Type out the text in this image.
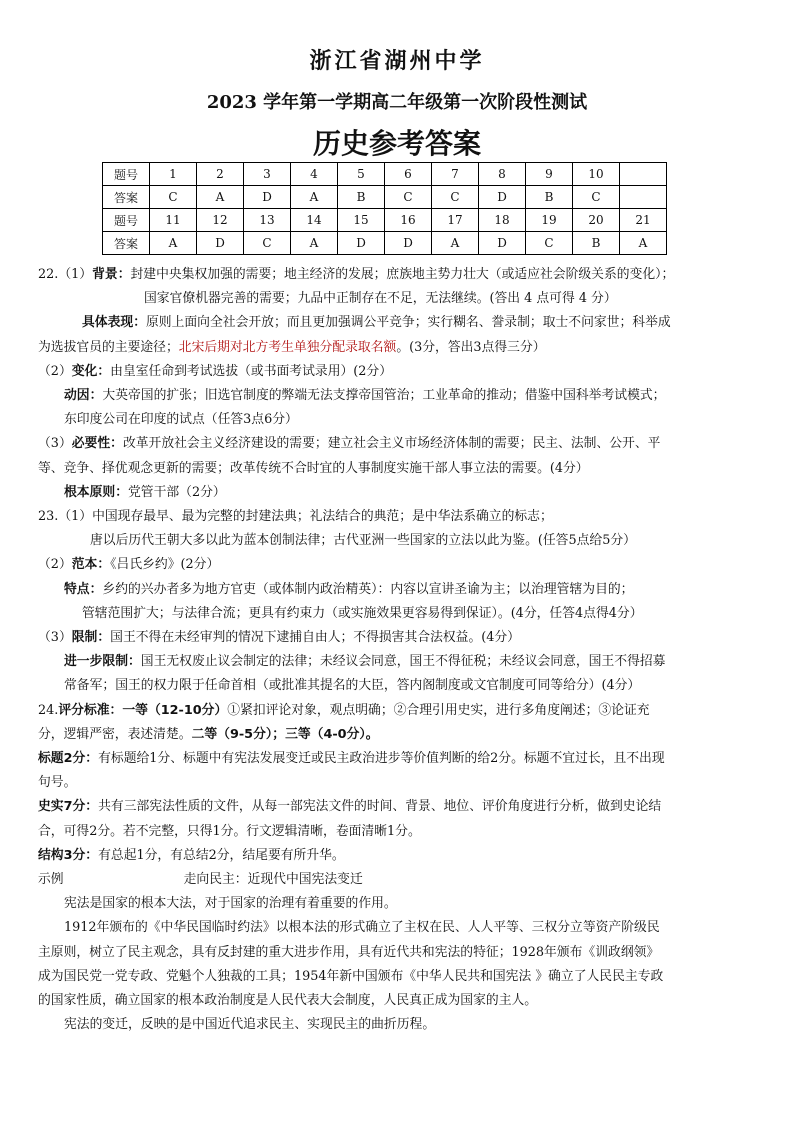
浙江省湖州中学
2023 学年第一学期高二年级第一次阶段性测试
历史参考答案
题号	1	2	3	4	5	6	7	8	9	10	
答案	C	A	D	A	B	C	C	D	B	C	
题号	11	12	13	14	15	16	17	18	19	20	21
答案	A	D	C	A	D	D	A	D	C	B	A
22.（1）背景：封建中央集权加强的需要；地主经济的发展；庶族地主势力壮大（或适应社会阶级关系的变化）；
国家官僚机器完善的需要；九品中正制存在不足，无法继续。(答出 4 点可得 4 分）
具体表现：原则上面向全社会开放；而且更加强调公平竞争；实行糊名、誊录制；取士不问家世；科举成
为选拔官员的主要途径；北宋后期对北方考生单独分配录取名额。(3分，答出3点得三分）
（2）变化：由皇室任命到考试选拔（或书面考试录用）(2分）
动因：大英帝国的扩张；旧选官制度的弊端无法支撑帝国管治；工业革命的推动；借鉴中国科举考试模式；
东印度公司在印度的试点（任答3点6分）
（3）必要性：改革开放社会主义经济建设的需要；建立社会主义市场经济体制的需要；民主、法制、公开、平
等、竞争、择优观念更新的需要；改革传统不合时宜的人事制度实施干部人事立法的需要。(4分）
根本原则：党管干部（2分）
23.（1）中国现存最早、最为完整的封建法典；礼法结合的典范；是中华法系确立的标志；
唐以后历代王朝大多以此为蓝本创制法律；古代亚洲一些国家的立法以此为鉴。(任答5点给5分）
（2）范本：《吕氏乡约》(2分）
特点：乡约的兴办者多为地方官吏（或体制内政治精英）：内容以宣讲圣谕为主；以治理管辖为目的；
管辖范围扩大；与法律合流；更具有约束力（或实施效果更容易得到保证）。(4分，任答4点得4分）
（3）限制：国王不得在未经审判的情况下逮捕自由人；不得损害其合法权益。(4分）
进一步限制：国王无权废止议会制定的法律；未经议会同意，国王不得征税；未经议会同意，国王不得招募
常备军；国王的权力限于任命首相（或批准其提名的大臣，答内阁制度或文官制度可同等给分）(4分）
24.评分标准：一等（12-10分）①紧扣评论对象，观点明确；②合理引用史实，进行多角度阐述；③论证充
分，逻辑严密，表述清楚。二等（9-5分）；三等（4-0分）。
标题2分：有标题给1分、标题中有宪法发展变迁或民主政治进步等价值判断的给2分。标题不宜过长，且不出现
句号。
史实7分：共有三部宪法性质的文件，从每一部宪法文件的时间、背景、地位、评价角度进行分析，做到史论结
合，可得2分。若不完整，只得1分。行文逻辑清晰，卷面清晰1分。
结构3分：有总起1分，有总结2分，结尾要有所升华。
示例	走向民主：近现代中国宪法变迁
宪法是国家的根本大法，对于国家的治理有着重要的作用。
1912年颁布的《中华民国临时约法》以根本法的形式确立了主权在民、人人平等、三权分立等资产阶级民
主原则，树立了民主观念，具有反封建的重大进步作用，具有近代共和宪法的特征；1928年颁布《训政纲领》
成为国民党一党专政、党魁个人独裁的工具；1954年新中国颁布《中华人民共和国宪法 》确立了人民民主专政
的国家性质，确立国家的根本政治制度是人民代表大会制度，人民真正成为国家的主人。
宪法的变迁，反映的是中国近代追求民主、实现民主的曲折历程。
